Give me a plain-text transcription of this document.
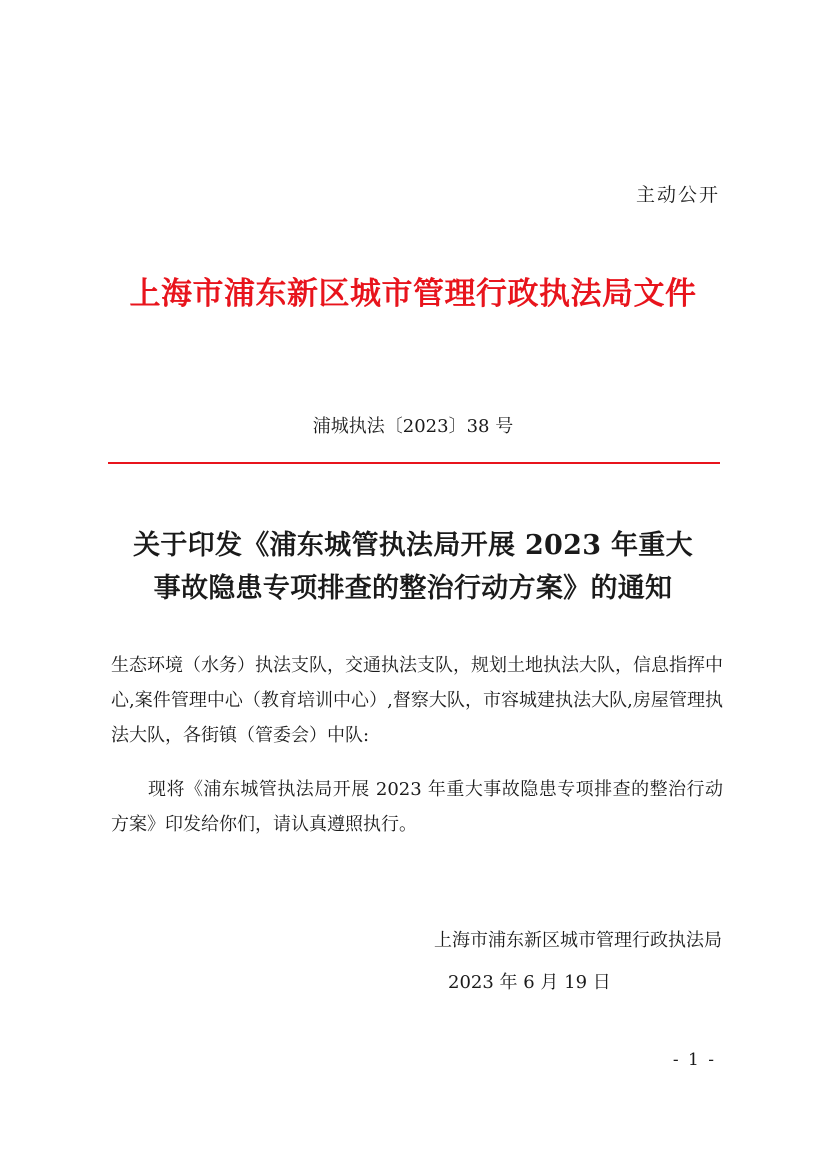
主动公开
上海市浦东新区城市管理行政执法局文件
浦城执法〔2023〕38 号
关于印发《浦东城管执法局开展 2023 年重大
事故隐患专项排查的整治行动方案》的通知
生态环境（水务）执法支队，交通执法支队，规划土地执法大队，信息指挥中心,案件管理中心（教育培训中心）,督察大队，市容城建执法大队,房屋管理执法大队，各街镇（管委会）中队:
现将《浦东城管执法局开展 2023 年重大事故隐患专项排查的整治行动方案》印发给你们，请认真遵照执行。
上海市浦东新区城市管理行政执法局
2023 年 6 月 19 日
- 1 -
